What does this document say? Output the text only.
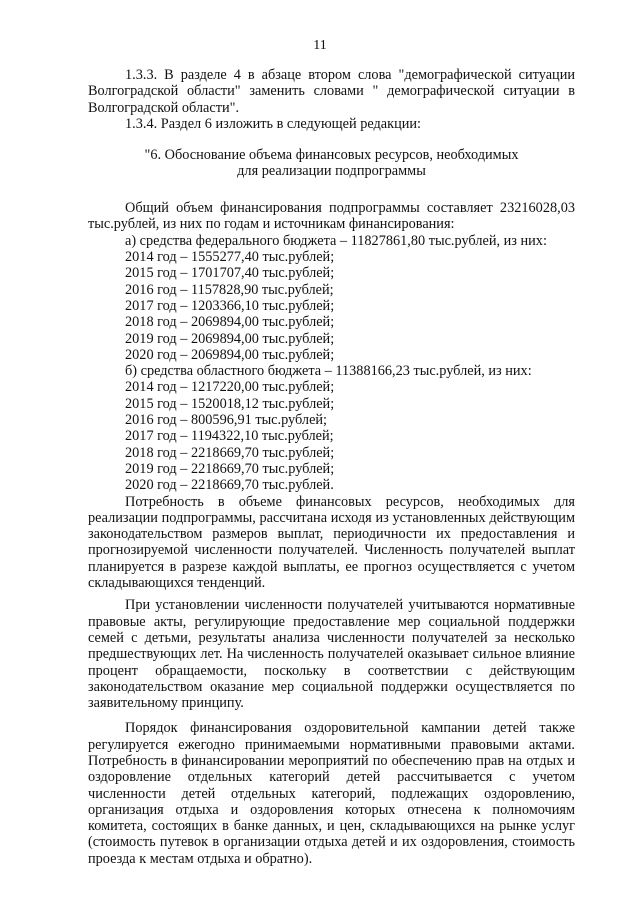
11

1.3.3. В разделе 4 в абзаце втором слова "демографической ситуации Волгоградской области" заменить словами " демографической ситуации в Волгоградской области".

1.3.4. Раздел 6 изложить в следующей редакции:

"6. Обоснование объема финансовых ресурсов, необходимых
для реализации подпрограммы

Общий объем финансирования подпрограммы составляет 23216028,03 тыс.рублей, из них по годам и источникам финансирования:

а) средства федерального бюджета – 11827861,80 тыс.рублей, из них:
2014 год – 1555277,40 тыс.рублей;
2015 год – 1701707,40 тыс.рублей;
2016 год – 1157828,90 тыс.рублей;
2017 год – 1203366,10 тыс.рублей;
2018 год – 2069894,00 тыс.рублей;
2019 год – 2069894,00 тыс.рублей;
2020 год – 2069894,00 тыс.рублей;
б) средства областного бюджета – 11388166,23 тыс.рублей, из них:
2014 год – 1217220,00 тыс.рублей;
2015 год – 1520018,12 тыс.рублей;
2016 год – 800596,91 тыс.рублей;
2017 год – 1194322,10 тыс.рублей;
2018 год – 2218669,70 тыс.рублей;
2019 год – 2218669,70 тыс.рублей;
2020 год – 2218669,70 тыс.рублей.

Потребность в объеме финансовых ресурсов, необходимых для реализации подпрограммы, рассчитана исходя из установленных действующим законодательством размеров выплат, периодичности их предоставления и прогнозируемой численности получателей. Численность получателей выплат планируется в разрезе каждой выплаты, ее прогноз осуществляется с учетом складывающихся тенденций.

При установлении численности получателей учитываются нормативные правовые акты, регулирующие предоставление мер социальной поддержки семей с детьми, результаты анализа численности получателей за несколько предшествующих лет. На численность получателей оказывает сильное влияние процент обращаемости, поскольку в соответствии с действующим законодательством оказание мер социальной поддержки осуществляется по заявительному принципу.

Порядок финансирования оздоровительной кампании детей также регулируется ежегодно принимаемыми нормативными правовыми актами. Потребность в финансировании мероприятий по обеспечению прав на отдых и оздоровление отдельных категорий детей рассчитывается с учетом численности детей отдельных категорий, подлежащих оздоровлению, организация отдыха и оздоровления которых отнесена к полномочиям комитета, состоящих в банке данных, и цен, складывающихся на рынке услуг (стоимость путевок в организации отдыха детей и их оздоровления, стоимость проезда к местам отдыха и обратно).
